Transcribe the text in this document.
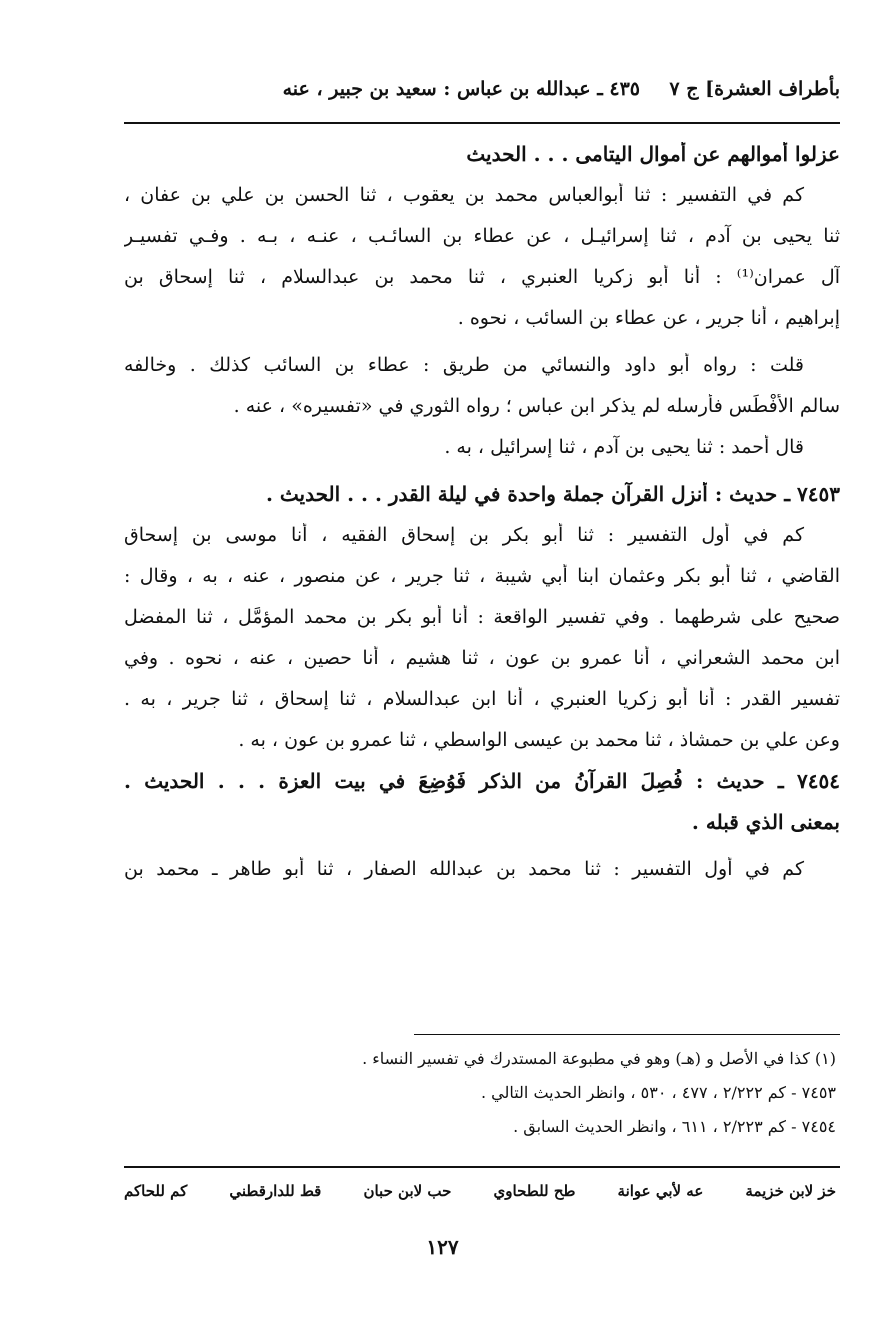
بأطراف العشرة] ج ٧
٤٣٥ ـ عبدالله بن عباس : سعيد بن جبير ، عنه
عزلوا أموالهم عن أموال اليتامى . . . الحديث
كم في التفسير : ثنا أبوالعباس محمد بن يعقوب ، ثنا الحسن بن علي بن عفان ،
ثنا يحيى بن آدم ، ثنا إسرائيـل ، عن عطاء بن السائـب ، عنـه ، بـه . وفـي تفسيـر
آل عمران⁽¹⁾ : أنا أبو زكريا العنبري ، ثنا محمد بن عبدالسلام ، ثنا إسحاق بن
إبراهيم ، أنا جرير ، عن عطاء بن السائب ، نحوه .
قلت : رواه أبو داود والنسائي من طريق : عطاء بن السائب كذلك . وخالفه
سالم الأَفْطَس فأرسله لم يذكر ابن عباس ؛ رواه الثوري في «تفسيره» ، عنه .
قال أحمد : ثنا يحيى بن آدم ، ثنا إسرائيل ، به .
٧٤٥٣ ـ حديث : أنزل القرآن جملة واحدة في ليلة القدر . . . الحديث .
كم في أول التفسير : ثنا أبو بكر بن إسحاق الفقيه ، أنا موسى بن إسحاق
القاضي ، ثنا أبو بكر وعثمان ابنا أبي شيبة ، ثنا جرير ، عن منصور ، عنه ، به ، وقال :
صحيح على شرطهما . وفي تفسير الواقعة : أنا أبو بكر بن محمد المؤمَّل ، ثنا المفضل
ابن محمد الشعراني ، أنا عمرو بن عون ، ثنا هشيم ، أنا حصين ، عنه ، نحوه . وفي
تفسير القدر : أنا أبو زكريا العنبري ، أنا ابن عبدالسلام ، ثنا إسحاق ، ثنا جرير ، به .
وعن علي بن حمشاذ ، ثنا محمد بن عيسى الواسطي ، ثنا عمرو بن عون ، به .
٧٤٥٤ ـ حديث : فُصِلَ القرآنُ من الذكر فَوُضِعَ في بيت العزة . . . الحديث .
بمعنى الذي قبله .
كم في أول التفسير : ثنا محمد بن عبدالله الصفار ، ثنا أبو طاهر ـ محمد بن
(١) كذا في الأصل و (هـ) وهو في مطبوعة المستدرك في تفسير النساء .
٧٤٥٣ - كم ٢/٢٢٢ ، ٤٧٧ ، ٥٣٠ ، وانظر الحديث التالي .
٧٤٥٤ - كم ٢/٢٢٣ ، ٦١١ ، وانظر الحديث السابق .
خز لابن خزيمة
عه لأبي عوانة
طح للطحاوي
حب لابن حبان
قط للدارقطني
كم للحاكم
١٢٧
